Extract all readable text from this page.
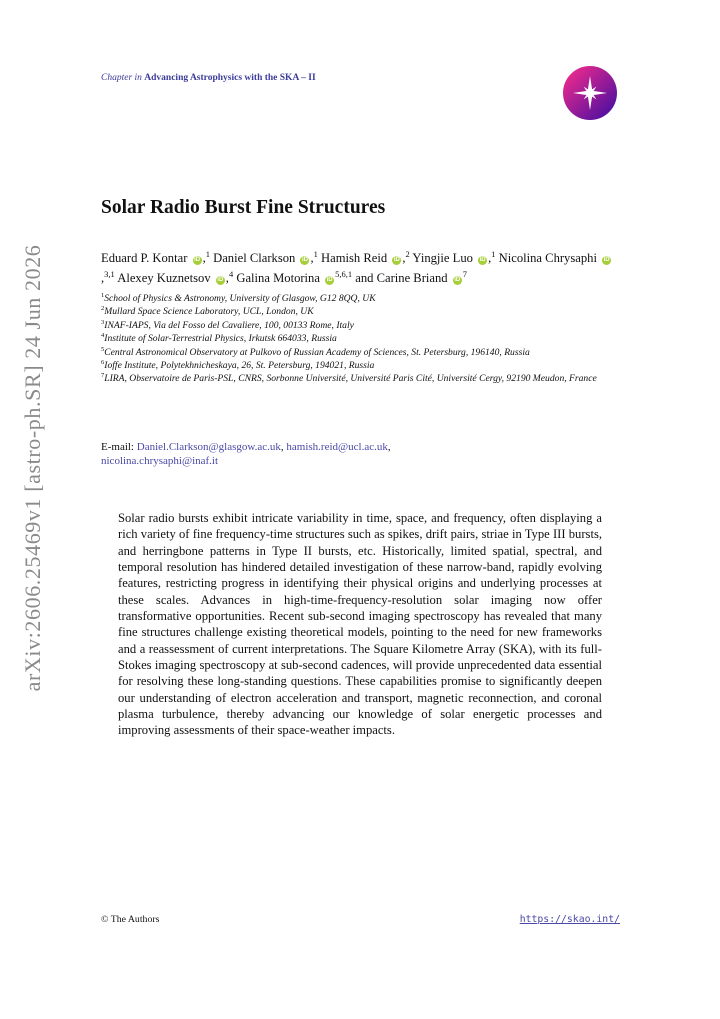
arXiv:2606.25469v1 [astro-ph.SR] 24 Jun 2026
Chapter in Advancing Astrophysics with the SKA – II
Solar Radio Burst Fine Structures
Eduard P. Kontar iD ,$^1$ Daniel Clarkson iD ,$^1$ Hamish Reid iD ,$^2$ Yingjie Luo iD ,$^1$ Nicolina Chrysaphi iD,$^{3,1}$ Alexey Kuznetsov iD ,$^4$ Galina Motorina iD$^{5,6,1}$ and Carine Briand $iD^7$
$^1$School of Physics & Astronomy, University of Glasgow, G12 8QQ, UK
$^2$Mullard Space Science Laboratory, UCL, London, UK
$^3$INAF-IAPS, Via del Fosso del Cavaliere, 100, 00133 Rome, Italy
$^4$Institute of Solar-Terrestrial Physics, Irkutsk 664033, Russia
$^5$Central Astronomical Observatory at Pulkovo of Russian Academy of Sciences, St. Petersburg, 196140, Russia
$^6$Ioffe Institute, Polytekhnicheskaya, 26, St. Petersburg, 194021, Russia
$^7$LIRA, Observatoire de Paris-PSL, CNRS, Sorbonne Université, Université Paris Cité, Université Cergy, 92190 Meudon, France
E-mail: Daniel.Clarkson@glasgow.ac.uk, hamish.reid@ucl.ac.uk,
nicolina.chrysaphi@inaf.it

Solar radio bursts exhibit intricate variability in time, space, and frequency, often displaying a rich variety of fine frequency-time structures such as spikes, drift pairs, striae in Type III bursts, and herringbone patterns in Type II bursts, etc. Historically, limited spatial, spectral, and temporal resolution has hindered detailed investigation of these narrow-band, rapidly evolving features, restricting progress in identifying their physical origins and underlying processes at these scales. Advances in high-time-frequency-resolution solar imaging now offer transformative opportunities. Recent sub-second imaging spectroscopy has revealed that many fine structures challenge existing theoretical models, pointing to the need for new frameworks and a reassessment of current interpretations. The Square Kilometre Array (SKA), with its full-Stokes imaging spectroscopy at sub-second cadences, will provide unprecedented data essential for resolving these long-standing questions. These capabilities promise to significantly deepen our understanding of electron acceleration and transport, magnetic reconnection, and coronal plasma turbulence, thereby advancing our knowledge of solar energetic processes and improving assessments of their space-weather impacts.

© The Authors	https://skao.int/
